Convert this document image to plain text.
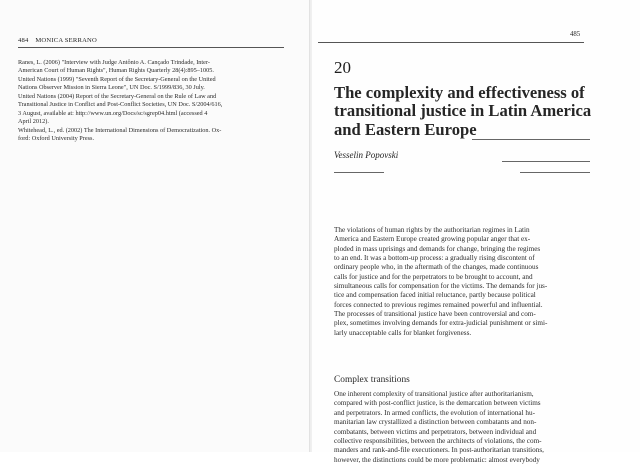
484 MONICA SERRANO
Ranes, L. (2006) "Interview with Judge Antônio A. Cançado Trindade, Inter-
American Court of Human Rights", Human Rights Quarterly 28(4):895–1005.
United Nations (1999) "Seventh Report of the Secretary-General on the United
Nations Observer Mission in Sierra Leone", UN Doc. S/1999/836, 30 July.
United Nations (2004) Report of the Secretary-General on the Rule of Law and
Transitional Justice in Conflict and Post-Conflict Societies, UN Doc. S/2004/616,
3 August, available at: http://www.un.org/Docs/sc/sgrep04.html (accessed 4
April 2012).
Whitehead, L., ed. (2002) The International Dimensions of Democratization. Ox-
ford: Oxford University Press.
485
20
The complexity and effectiveness of
transitional justice in Latin America
and Eastern Europe
Vesselin Popovski
The violations of human rights by the authoritarian regimes in Latin
America and Eastern Europe created growing popular anger that ex-
ploded in mass uprisings and demands for change, bringing the regimes
to an end. It was a bottom-up process: a gradually rising discontent of
ordinary people who, in the aftermath of the changes, made continuous
calls for justice and for the perpetrators to be brought to account, and
simultaneous calls for compensation for the victims. The demands for jus-
tice and compensation faced initial reluctance, partly because political
forces connected to previous regimes remained powerful and influential.
The processes of transitional justice have been controversial and com-
plex, sometimes involving demands for extra-judicial punishment or simi-
larly unacceptable calls for blanket forgiveness.
Complex transitions
One inherent complexity of transitional justice after authoritarianism,
compared with post-conflict justice, is the demarcation between victims
and perpetrators. In armed conflicts, the evolution of international hu-
manitarian law crystallized a distinction between combatants and non-
combatants, between victims and perpetrators, between individual and
collective responsibilities, between the architects of violations, the com-
manders and rank-and-file executioners. In post-authoritarian transitions,
however, the distinctions could be more problematic: almost everybody
